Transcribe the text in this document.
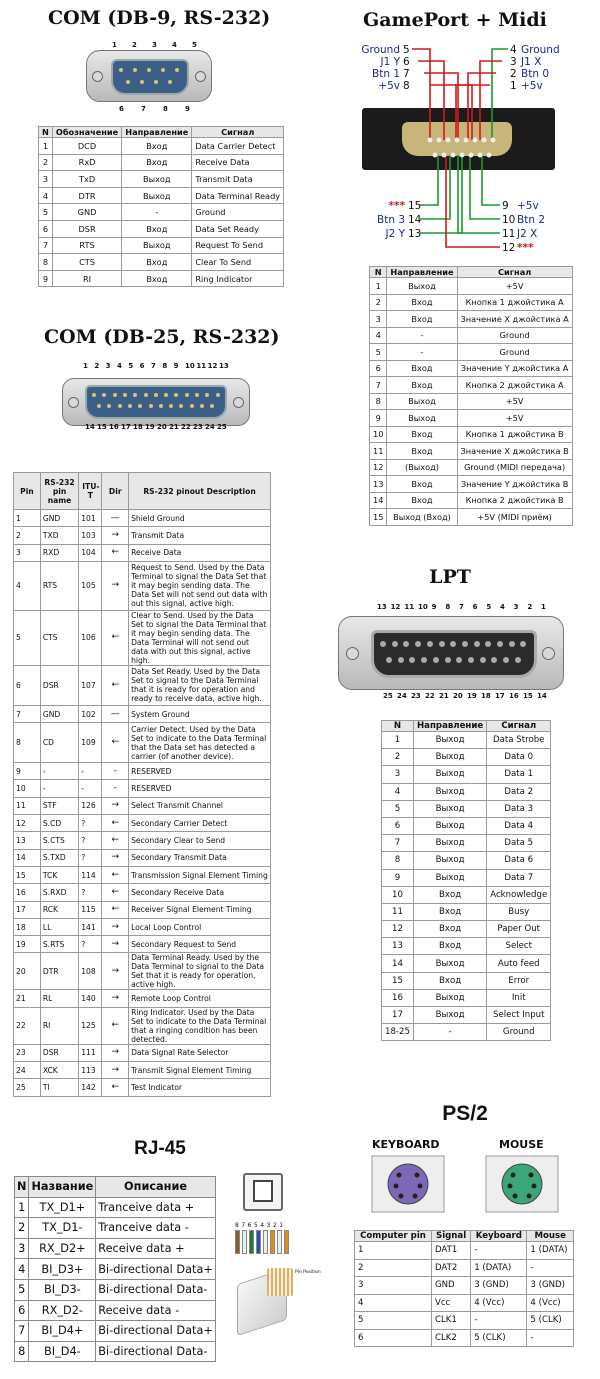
COM (DB-9, RS-232)
1 2 3 4 5
6 7 8 9
N	Обозначение	Направление	Сигнал
1	DCD	Вход	Data Carrier Detect
2	RxD	Вход	Receive Data
3	TxD	Выход	Transmit Data
4	DTR	Выход	Data Terminal Ready
5	GND	-	Ground
6	DSR	Вход	Data Set Ready
7	RTS	Выход	Request To Send
8	CTS	Вход	Clear To Send
9	RI	Вход	Ring Indicator
COM (DB-25, RS-232)
1 2 3 4 5 6 7 8 9 10 11 12 13
14 15 16 17 18 19 20 21 22 23 24 25
Pin	RS-232 pin name	ITU-T	Dir	RS-232 pinout Description
1	GND	101	—	Shield Ground
2	TXD	103	→	Transmit Data
3	RXD	104	←	Receive Data
4	RTS	105	→	Request to Send. Used by the Data Terminal to signal the Data Set that it may begin sending data. The Data Set will not send out data with out this signal, active high.
5	CTS	106	←	Clear to Send. Used by the Data Set to signal the Data Terminal that it may begin sending data. The Data Terminal will not send out data with out this signal, active high.
6	DSR	107	←	Data Set Ready. Used by the Data Set to signal to the Data Terminal that it is ready for operation and ready to receive data, active high.
7	GND	102	—	System Ground
8	CD	109	←	Carrier Detect. Used by the Data Set to indicate to the Data Terminal that the Data set has detected a carrier (of another device).
9	-	-	-	RESERVED
10	-	-	-	RESERVED
11	STF	126	→	Select Transmit Channel
12	S.CD	?	←	Secondary Carrier Detect
13	S.CTS	?	←	Secondary Clear to Send
14	S.TXD	?	→	Secondary Transmit Data
15	TCK	114	←	Transmission Signal Element Timing
16	S.RXD	?	←	Secondary Receive Data
17	RCK	115	←	Receiver Signal Element Timing
18	LL	141	→	Local Loop Control
19	S.RTS	?	→	Secondary Request to Send
20	DTR	108	→	Data Terminal Ready. Used by the Data Terminal to signal to the Data Set that it is ready for operation, active high.
21	RL	140	→	Remote Loop Control
22	RI	125	←	Ring Indicator. Used by the Data Set to indicate to the Data Terminal that a ringing condition has been detected.
23	DSR	111	→	Data Signal Rate Selector
24	XCK	113	→	Transmit Signal Element Timing
25	TI	142	←	Test Indicator
GamePort + Midi
Ground 5
J1 Y 6
Btn 1 7
+5v 8
4 Ground
3 J1 X
2 Btn 0
1 +5v
*** 15
Btn 3 14
J2 Y 13
9 +5v
10 Btn 2
11 J2 X
12 ***
N	Направление	Сигнал
1	Выход	+5V
2	Вход	Кнопка 1 джойстика А
3	Вход	Значение Х джойстика А
4	-	Ground
5	-	Ground
6	Вход	Значение Y джойстика А
7	Вход	Кнопка 2 джойстика А
8	Выход	+5V
9	Выход	+5V
10	Вход	Кнопка 1 джойстика В
11	Вход	Значение Х джойстика В
12	(Выход)	Ground (MIDI передача)
13	Вход	Значение Y джойстика В
14	Вход	Кнопка 2 джойстика В
15	Выход (Вход)	+5V (MIDI приём)
LPT
13 12 11 10 9 8 7 6 5 4 3 2 1
25 24 23 22 21 20 19 18 17 16 15 14
N	Направление	Сигнал
1	Выход	Data Strobe
2	Выход	Data 0
3	Выход	Data 1
4	Выход	Data 2
5	Выход	Data 3
6	Выход	Data 4
7	Выход	Data 5
8	Выход	Data 6
9	Выход	Data 7
10	Вход	Acknowledge
11	Вход	Busy
12	Вход	Paper Out
13	Вход	Select
14	Выход	Auto feed
15	Вход	Error
16	Выход	Init
17	Выход	Select Input
18-25	-	Ground
RJ-45
N	Название	Описание
1	TX_D1+	Tranceive data +
2	TX_D1-	Tranceive data -
3	RX_D2+	Receive data +
4	BI_D3+	Bi-directional Data+
5	BI_D3-	Bi-directional Data-
6	RX_D2-	Receive data -
7	BI_D4+	Bi-directional Data+
8	BI_D4-	Bi-directional Data-
8 7 6 5 4 3 2 1
Pin Position
PS/2
KEYBOARD	MOUSE
Computer pin	Signal	Keyboard	Mouse
1	DAT1	-	1 (DATA)
2	DAT2	1 (DATA)	-
3	GND	3 (GND)	3 (GND)
4	Vcc	4 (Vcc)	4 (Vcc)
5	CLK1	-	5 (CLK)
6	CLK2	5 (CLK)	-
